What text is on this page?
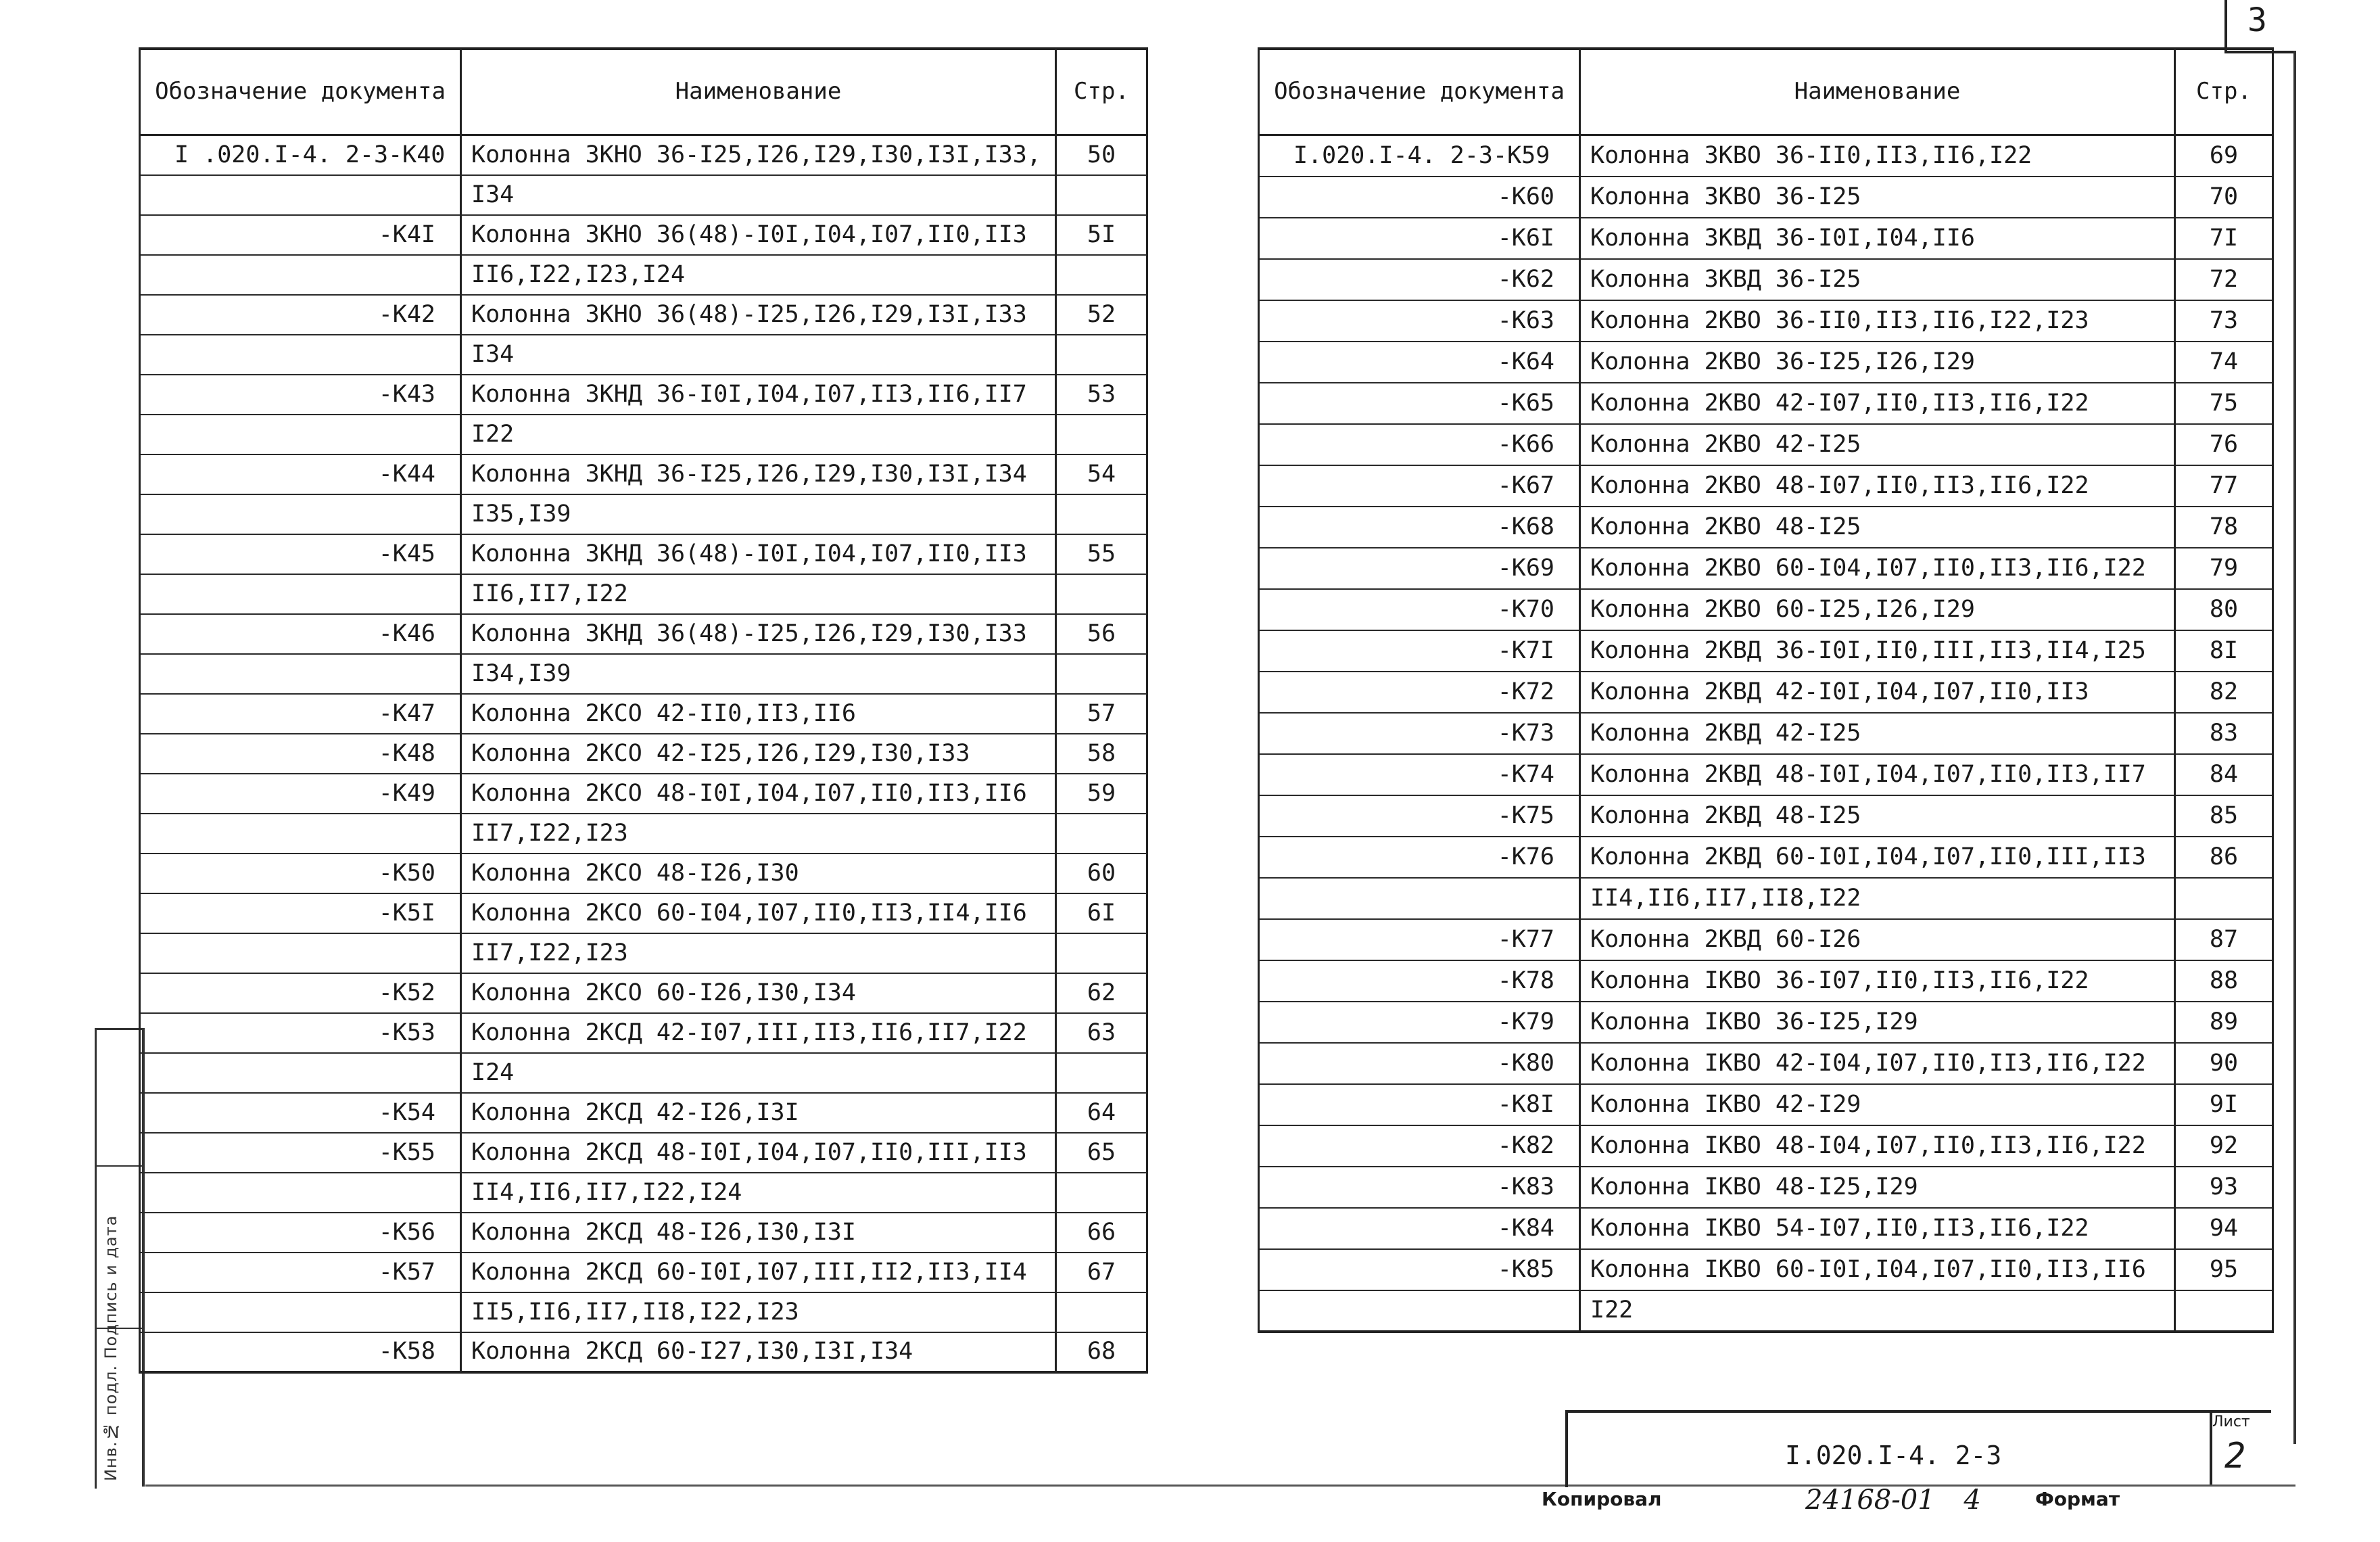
3
Инв.№ подл. Подпись и дата
Обозначение документа	Наименование	Стр.
I .020.I-4. 2-3-К40	Колонна 3КНО 36-I25,I26,I29,I30,I3I,I33,	50
	I34	
-К4I	Колонна 3КНО 36(48)-I0I,I04,I07,II0,II3	5I
	II6,I22,I23,I24	
-К42	Колонна 3КНО 36(48)-I25,I26,I29,I3I,I33	52
	I34	
-К43	Колонна 3КНД 36-I0I,I04,I07,II3,II6,II7	53
	I22	
-К44	Колонна 3КНД 36-I25,I26,I29,I30,I3I,I34	54
	I35,I39	
-К45	Колонна 3КНД 36(48)-I0I,I04,I07,II0,II3	55
	II6,II7,I22	
-К46	Колонна 3КНД 36(48)-I25,I26,I29,I30,I33	56
	I34,I39	
-К47	Колонна 2КСО 42-II0,II3,II6	57
-К48	Колонна 2КСО 42-I25,I26,I29,I30,I33	58
-К49	Колонна 2КСО 48-I0I,I04,I07,II0,II3,II6	59
	II7,I22,I23	
-К50	Колонна 2КСО 48-I26,I30	60
-К5I	Колонна 2КСО 60-I04,I07,II0,II3,II4,II6	6I
	II7,I22,I23	
-К52	Колонна 2КСО 60-I26,I30,I34	62
-К53	Колонна 2КСД 42-I07,III,II3,II6,II7,I22	63
	I24	
-К54	Колонна 2КСД 42-I26,I3I	64
-К55	Колонна 2КСД 48-I0I,I04,I07,II0,III,II3	65
	II4,II6,II7,I22,I24	
-К56	Колонна 2КСД 48-I26,I30,I3I	66
-К57	Колонна 2КСД 60-I0I,I07,III,II2,II3,II4	67
	II5,II6,II7,II8,I22,I23	
-К58	Колонна 2КСД 60-I27,I30,I3I,I34	68
Обозначение документа	Наименование	Стр.
I.020.I-4. 2-3-К59	Колонна 3КВО 36-II0,II3,II6,I22	69
-К60	Колонна 3КВО 36-I25	70
-К6I	Колонна 3КВД 36-I0I,I04,II6	7I
-К62	Колонна 3КВД 36-I25	72
-К63	Колонна 2КВО 36-II0,II3,II6,I22,I23	73
-К64	Колонна 2КВО 36-I25,I26,I29	74
-К65	Колонна 2КВО 42-I07,II0,II3,II6,I22	75
-К66	Колонна 2КВО 42-I25	76
-К67	Колонна 2КВО 48-I07,II0,II3,II6,I22	77
-К68	Колонна 2КВО 48-I25	78
-К69	Колонна 2КВО 60-I04,I07,II0,II3,II6,I22	79
-К70	Колонна 2КВО 60-I25,I26,I29	80
-К7I	Колонна 2КВД 36-I0I,II0,III,II3,II4,I25	8I
-К72	Колонна 2КВД 42-I0I,I04,I07,II0,II3	82
-К73	Колонна 2КВД 42-I25	83
-К74	Колонна 2КВД 48-I0I,I04,I07,II0,II3,II7	84
-К75	Колонна 2КВД 48-I25	85
-К76	Колонна 2КВД 60-I0I,I04,I07,II0,III,II3	86
	II4,II6,II7,II8,I22	
-К77	Колонна 2КВД 60-I26	87
-К78	Колонна IКВО 36-I07,II0,II3,II6,I22	88
-К79	Колонна IКВО 36-I25,I29	89
-К80	Колонна IКВО 42-I04,I07,II0,II3,II6,I22	90
-К8I	Колонна IКВО 42-I29	9I
-К82	Колонна IКВО 48-I04,I07,II0,II3,II6,I22	92
-К83	Колонна IКВО 48-I25,I29	93
-К84	Колонна IКВО 54-I07,II0,II3,II6,I22	94
-К85	Колонна IКВО 60-I0I,I04,I07,II0,II3,II6	95
	I22	
I.020.I-4. 2-3
Лист
2
Копировал	24168-01 4	Формат
